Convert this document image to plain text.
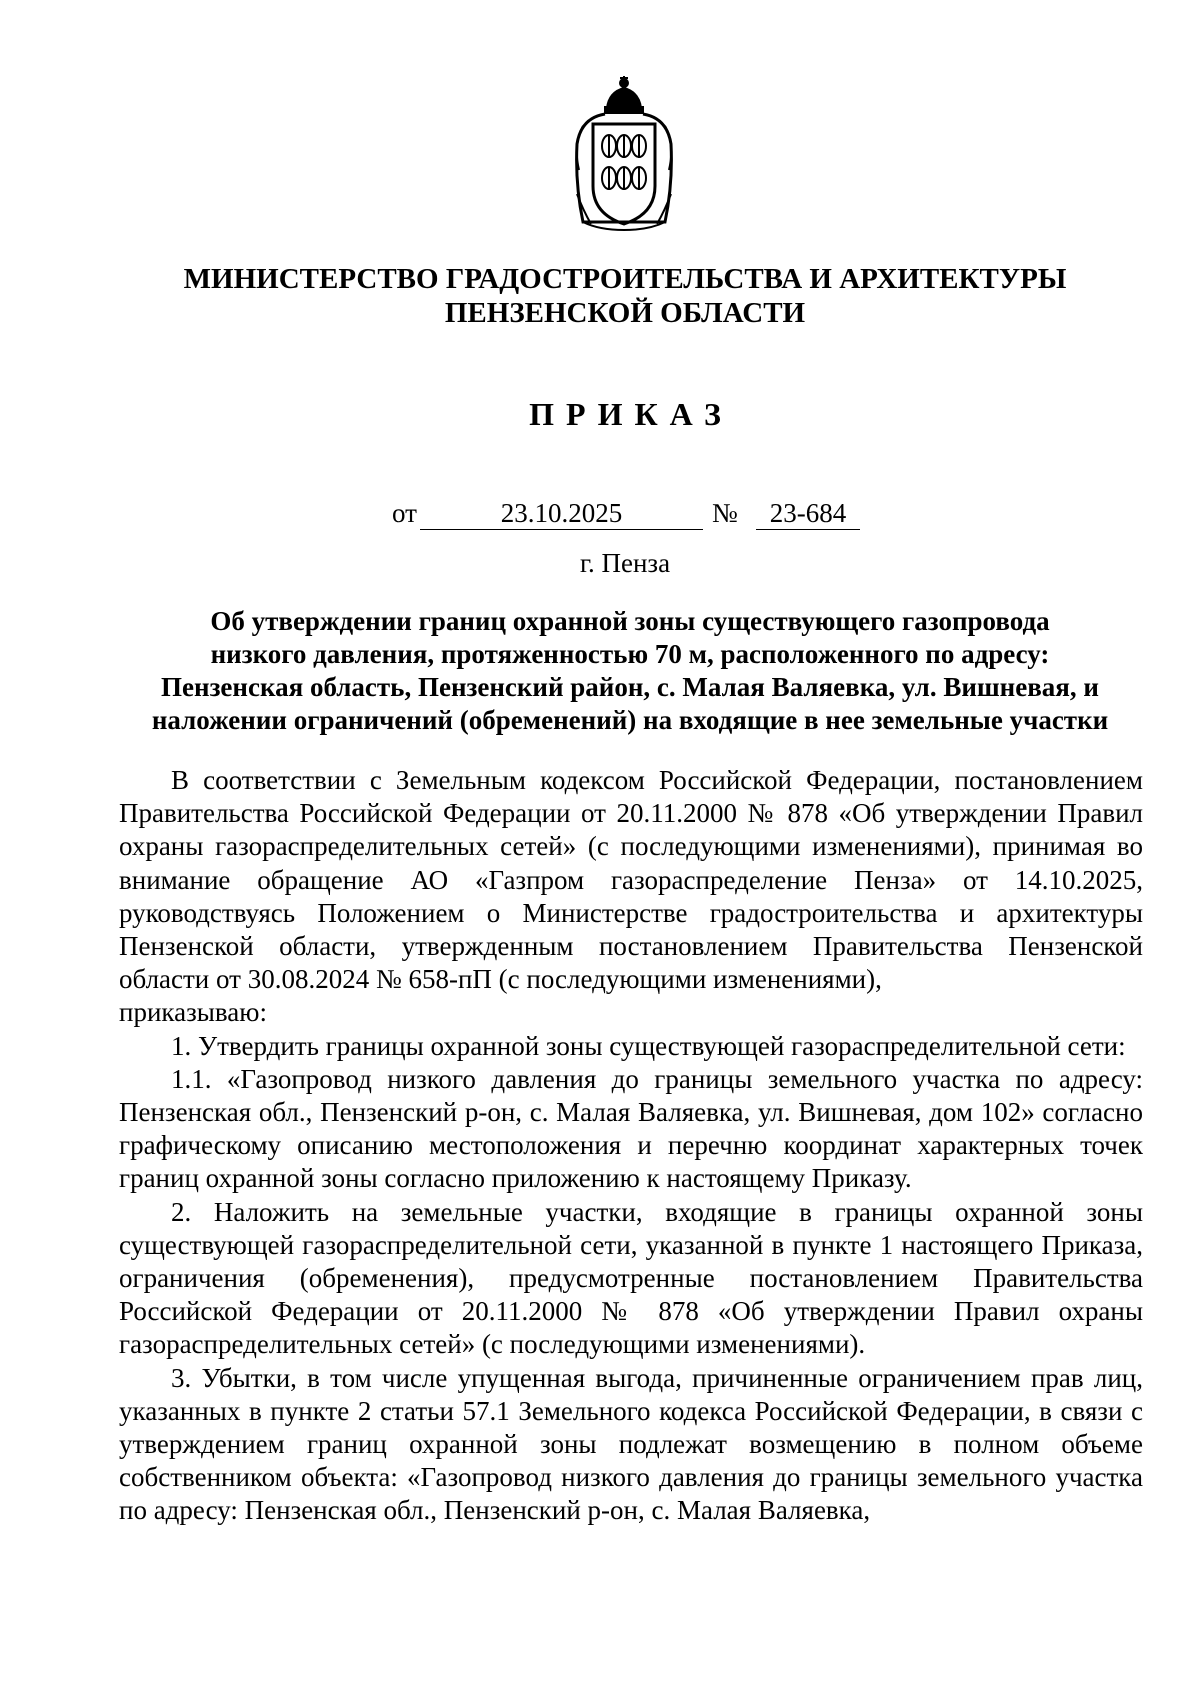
МИНИСТЕРСТВО ГРАДОСТРОИТЕЛЬСТВА И АРХИТЕКТУРЫ
ПЕНЗЕНСКОЙ ОБЛАСТИ
ПРИКАЗ
от	23.10.2025	№	23-684
г. Пенза
Об утверждении границ охранной зоны существующего газопровода
низкого давления, протяженностью 70 м, расположенного по адресу:
Пензенская область, Пензенский район, с. Малая Валяевка, ул. Вишневая, и
наложении ограничений (обременений) на входящие в нее земельные участки

В соответствии с Земельным кодексом Российской Федерации, постановлением Правительства Российской Федерации от 20.11.2000 № 878 «Об утверждении Правил охраны газораспределительных сетей» (с последующими изменениями), принимая во внимание обращение АО «Газпром газораспределение Пенза» от 14.10.2025, руководствуясь Положением о Министерстве градостроительства и архитектуры Пензенской области, утвержденным постановлением Правительства Пензенской области от 30.08.2024 № 658-пП (с последующими изменениями),

приказываю:

1. Утвердить границы охранной зоны существующей газораспределительной сети:

1.1. «Газопровод низкого давления до границы земельного участка по адресу: Пензенская обл., Пензенский р-он, с. Малая Валяевка, ул. Вишневая, дом 102» согласно графическому описанию местоположения и перечню координат характерных точек границ охранной зоны согласно приложению к настоящему Приказу.

2. Наложить на земельные участки, входящие в границы охранной зоны существующей газораспределительной сети, указанной в пункте 1 настоящего Приказа, ограничения (обременения), предусмотренные постановлением Правительства Российской Федерации от 20.11.2000 № 878 «Об утверждении Правил охраны газораспределительных сетей» (с последующими изменениями).

3. Убытки, в том числе упущенная выгода, причиненные ограничением прав лиц, указанных в пункте 2 статьи 57.1 Земельного кодекса Российской Федерации, в связи с утверждением границ охранной зоны подлежат возмещению в полном объеме собственником объекта: «Газопровод низкого давления до границы земельного участка по адресу: Пензенская обл., Пензенский р-он, с. Малая Валяевка,
